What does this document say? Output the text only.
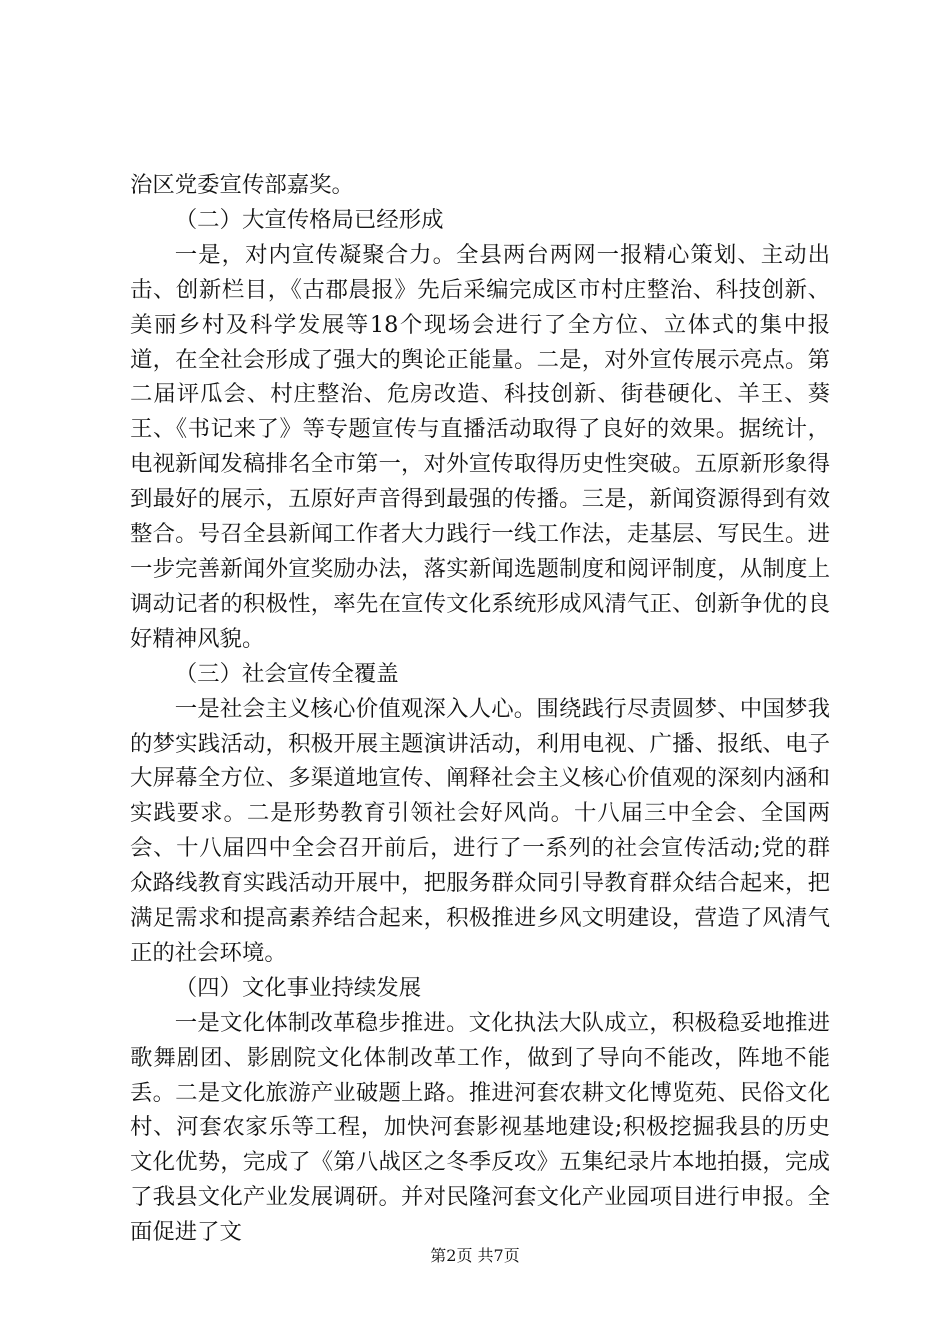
治区党委宣传部嘉奖。

（二）大宣传格局已经形成

一是，对内宣传凝聚合力。全县两台两网一报精心策划、主动出击、创新栏目，《古郡晨报》先后采编完成区市村庄整治、科技创新、美丽乡村及科学发展等18个现场会进行了全方位、立体式的集中报道，在全社会形成了强大的舆论正能量。二是，对外宣传展示亮点。第二届评瓜会、村庄整治、危房改造、科技创新、街巷硬化、羊王、葵王、《书记来了》等专题宣传与直播活动取得了良好的效果。据统计，电视新闻发稿排名全市第一，对外宣传取得历史性突破。五原新形象得到最好的展示，五原好声音得到最强的传播。三是，新闻资源得到有效整合。号召全县新闻工作者大力践行一线工作法，走基层、写民生。进一步完善新闻外宣奖励办法，落实新闻选题制度和阅评制度，从制度上调动记者的积极性，率先在宣传文化系统形成风清气正、创新争优的良好精神风貌。

（三）社会宣传全覆盖

一是社会主义核心价值观深入人心。围绕践行尽责圆梦、中国梦我的梦实践活动，积极开展主题演讲活动，利用电视、广播、报纸、电子大屏幕全方位、多渠道地宣传、阐释社会主义核心价值观的深刻内涵和实践要求。二是形势教育引领社会好风尚。十八届三中全会、全国两会、十八届四中全会召开前后，进行了一系列的社会宣传活动;党的群众路线教育实践活动开展中，把服务群众同引导教育群众结合起来，把满足需求和提高素养结合起来，积极推进乡风文明建设，营造了风清气正的社会环境。

（四）文化事业持续发展

一是文化体制改革稳步推进。文化执法大队成立，积极稳妥地推进歌舞剧团、影剧院文化体制改革工作，做到了导向不能改，阵地不能丢。二是文化旅游产业破题上路。推进河套农耕文化博览苑、民俗文化村、河套农家乐等工程，加快河套影视基地建设;积极挖掘我县的历史文化优势，完成了《第八战区之冬季反攻》五集纪录片本地拍摄，完成了我县文化产业发展调研。并对民隆河套文化产业园项目进行申报。全面促进了文

第2页 共7页
